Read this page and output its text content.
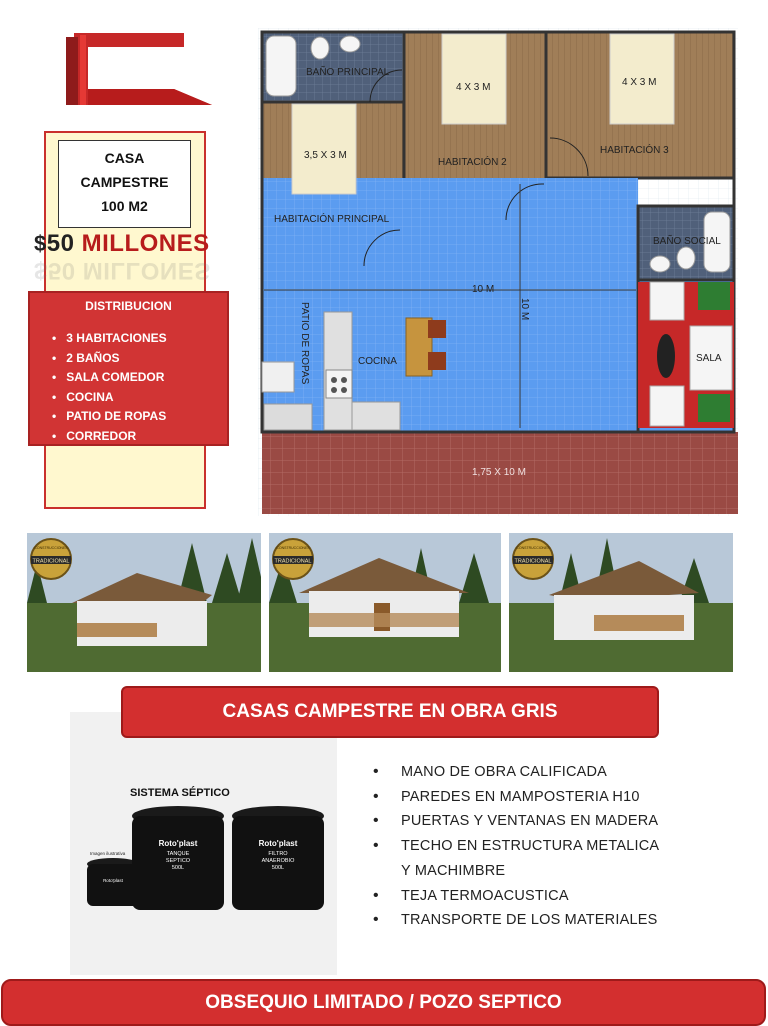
CASA
CAMPESTRE
100 M2
$50 MILLONES
$50 MILLONES
DISTRIBUCION
• 3 HABITACIONES
• 2 BAÑOS
• SALA COMEDOR
• COCINA
• PATIO DE ROPAS
• CORREDOR
BAÑO PRINCIPAL
4 X 3 M	4 X 3 M
3,5 X 3 M
HABITACIÓN 2
HABITACIÓN 3
HABITACIÓN PRINCIPAL
BAÑO SOCIAL
10 M
10 M
PATIO DE ROPAS	COCINA	SALA
1,75 X 10 M
TRADICIONAL
CONSTRUCCIONES
TRADICIONAL
CONSTRUCCIONES
TRADICIONAL
CONSTRUCCIONES
SISTEMA SÉPTICO
Imagen ilustrativa
Roto'plast
Roto'plast
TANQUE
SEPTICO
500L
Roto'plast
FILTRO
ANAEROBIO
500L
CASAS CAMPESTRE EN OBRA GRIS
• MANO DE OBRA CALIFICADA
• PAREDES EN MAMPOSTERIA H10
• PUERTAS Y VENTANAS EN MADERA
• TECHO EN ESTRUCTURA METALICA
Y MACHIMBRE
• TEJA TERMOACUSTICA
• TRANSPORTE DE LOS MATERIALES
OBSEQUIO LIMITADO / POZO SEPTICO
